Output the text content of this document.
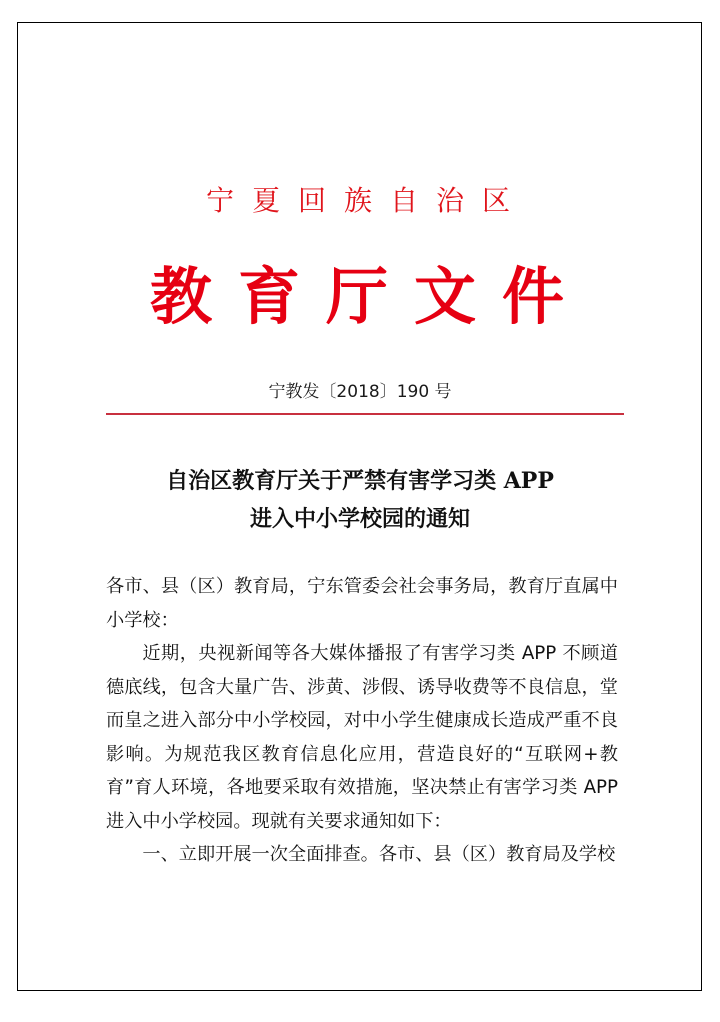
宁夏回族自治区
教育厅文件
宁教发〔2018〕190 号
自治区教育厅关于严禁有害学习类 APP
进入中小学校园的通知

各市、县（区）教育局，宁东管委会社会事务局，教育厅直属中小学校：

近期，央视新闻等各大媒体播报了有害学习类 APP 不顾道德底线，包含大量广告、涉黄、涉假、诱导收费等不良信息，堂而皇之进入部分中小学校园，对中小学生健康成长造成严重不良影响。为规范我区教育信息化应用，营造良好的“互联网+教育”育人环境，各地要采取有效措施，坚决禁止有害学习类 APP 进入中小学校园。现就有关要求通知如下：

一、立即开展一次全面排查。各市、县（区）教育局及学校
